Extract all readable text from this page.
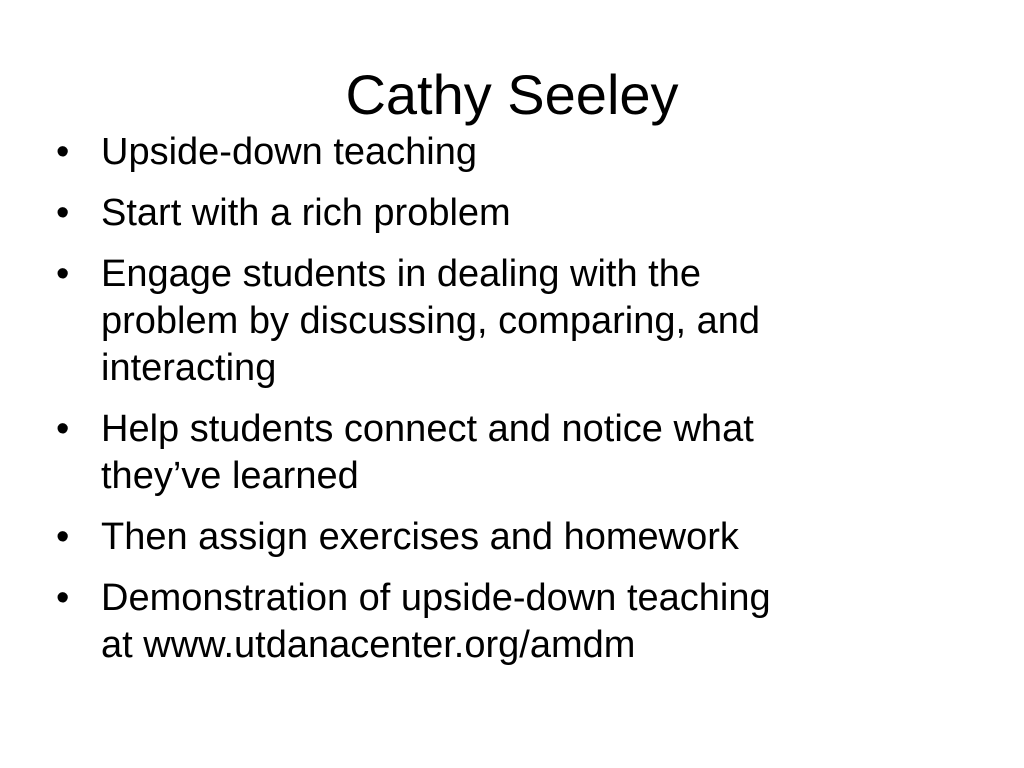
Cathy Seeley
• Upside-down teaching
• Start with a rich problem
• Engage students in dealing with the
problem by discussing, comparing, and
interacting
• Help students connect and notice what
they’ve learned
• Then assign exercises and homework
• Demonstration of upside-down teaching
at www.utdanacenter.org/amdm
